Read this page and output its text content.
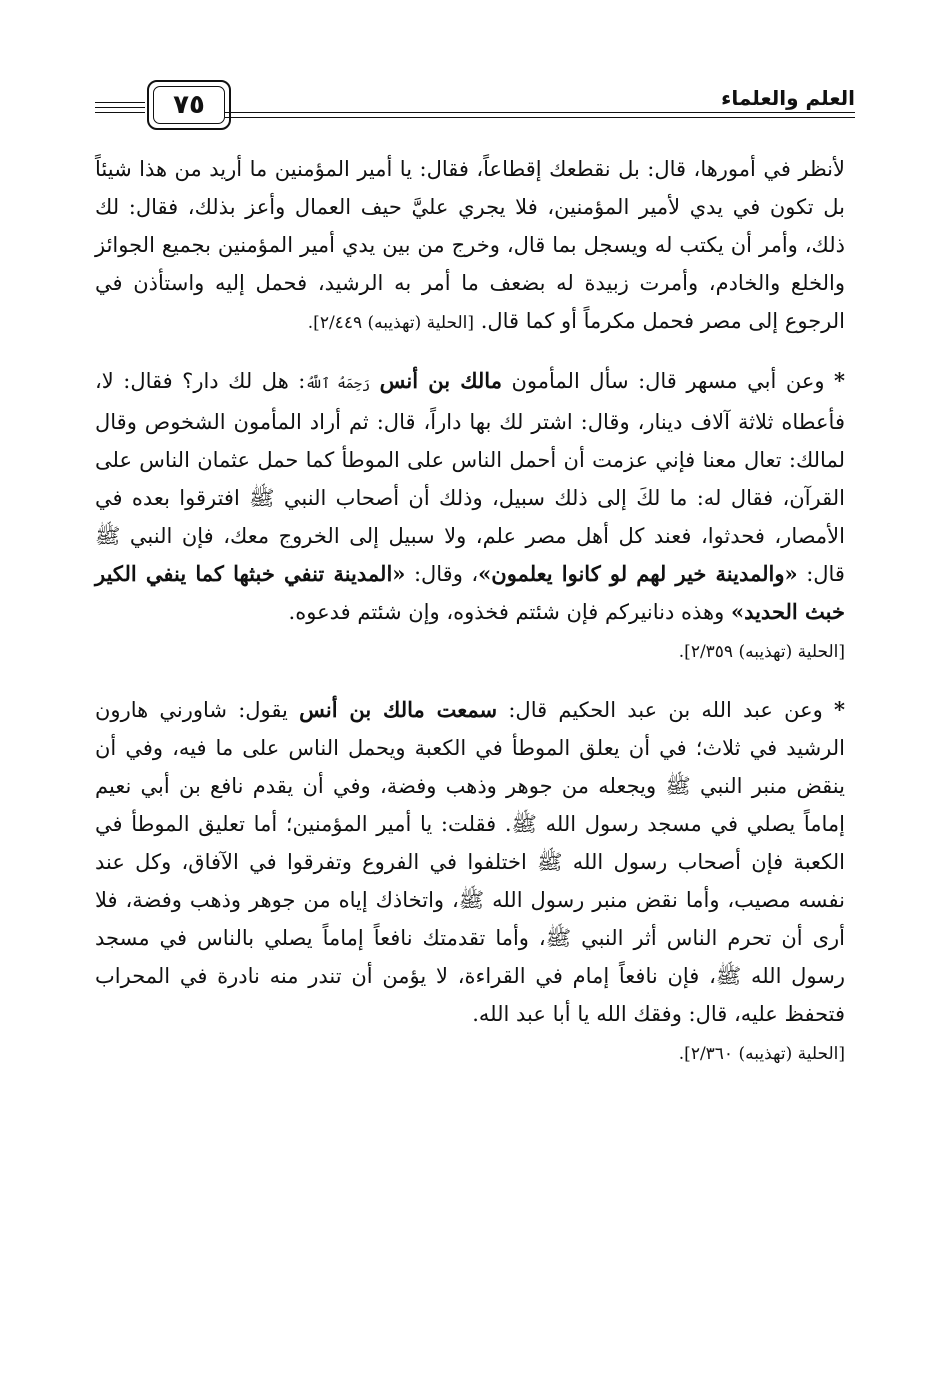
٧٥	العلم والعلماء

لأنظر في أمورها، قال: بل نقطعك إقطاعاً، فقال: يا أمير المؤمنين ما أريد من هذا شيئاً بل تكون في يدي لأمير المؤمنين، فلا يجري عليَّ حيف العمال وأعز بذلك، فقال: لك ذلك، وأمر أن يكتب له ويسجل بما قال، وخرج من بين يدي أمير المؤمنين بجميع الجوائز والخلع والخادم، وأمرت زبيدة له بضعف ما أمر به الرشيد، فحمل إليه واستأذن في الرجوع إلى مصر فحمل مكرماً أو كما قال. [الحلية (تهذيبه) ٢/٤٤٩].

* وعن أبي مسهر قال: سأل المأمون مالك بن أنس رَحِمَهُ ٱللَّهُ: هل لك دار؟ فقال: لا، فأعطاه ثلاثة آلاف دينار، وقال: اشتر لك بها داراً، قال: ثم أراد المأمون الشخوص وقال لمالك: تعال معنا فإني عزمت أن أحمل الناس على الموطأ كما حمل عثمان الناس على القرآن، فقال له: ما لكَ إلى ذلك سبيل، وذلك أن أصحاب النبي ﷺ افترقوا بعده في الأمصار، فحدثوا، فعند كل أهل مصر علم، ولا سبيل إلى الخروج معك، فإن النبي ﷺ قال: «والمدينة خير لهم لو كانوا يعلمون»، وقال: «المدينة تنفي خبثها كما ينفي الكير خبث الحديد» وهذه دنانيركم فإن شئتم فخذوه، وإن شئتم فدعوه.
[الحلية (تهذيبه) ٢/٣٥٩].

* وعن عبد الله بن عبد الحكيم قال: سمعت مالك بن أنس يقول: شاورني هارون الرشيد في ثلاث؛ في أن يعلق الموطأ في الكعبة ويحمل الناس على ما فيه، وفي أن ينقض منبر النبي ﷺ ويجعله من جوهر وذهب وفضة، وفي أن يقدم نافع بن أبي نعيم إماماً يصلي في مسجد رسول الله ﷺ. فقلت: يا أمير المؤمنين؛ أما تعليق الموطأ في الكعبة فإن أصحاب رسول الله ﷺ اختلفوا في الفروع وتفرقوا في الآفاق، وكل عند نفسه مصيب، وأما نقض منبر رسول الله ﷺ، واتخاذك إياه من جوهر وذهب وفضة، فلا أرى أن تحرم الناس أثر النبي ﷺ، وأما تقدمتك نافعاً إماماً يصلي بالناس في مسجد رسول الله ﷺ، فإن نافعاً إمام في القراءة، لا يؤمن أن تندر منه نادرة في المحراب فتحفظ عليه، قال: وفقك الله يا أبا عبد الله.
[الحلية (تهذيبه) ٢/٣٦٠].
